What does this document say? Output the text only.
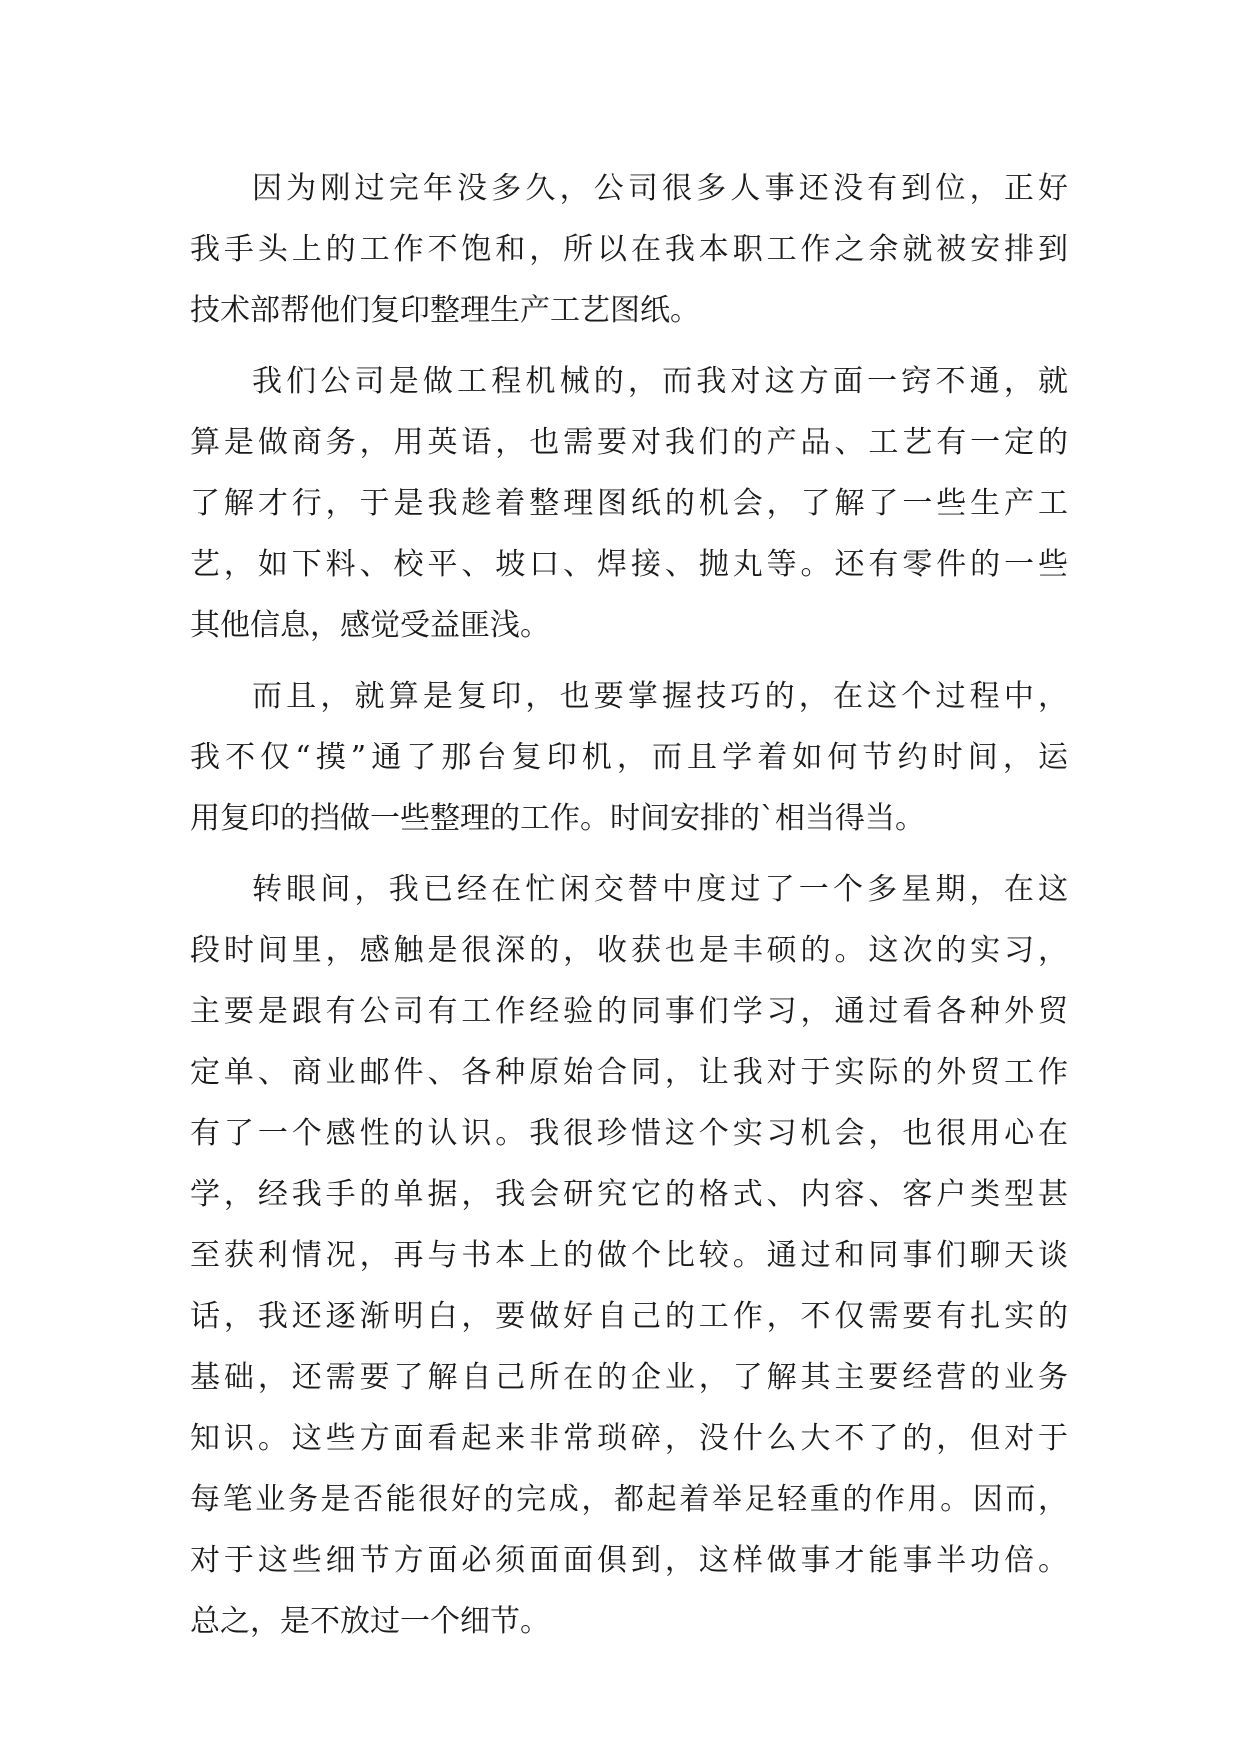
因为刚过完年没多久，公司很多人事还没有到位，正好
我手头上的工作不饱和，所以在我本职工作之余就被安排到
技术部帮他们复印整理生产工艺图纸。
我们公司是做工程机械的，而我对这方面一窍不通，就
算是做商务，用英语，也需要对我们的产品、工艺有一定的
了解才行，于是我趁着整理图纸的机会，了解了一些生产工
艺，如下料、校平、坡口、焊接、抛丸等。还有零件的一些
其他信息，感觉受益匪浅。
而且，就算是复印，也要掌握技巧的，在这个过程中，
我不仅“摸”通了那台复印机，而且学着如何节约时间，运
用复印的挡做一些整理的工作。时间安排的`相当得当。
转眼间，我已经在忙闲交替中度过了一个多星期，在这
段时间里，感触是很深的，收获也是丰硕的。这次的实习，
主要是跟有公司有工作经验的同事们学习，通过看各种外贸
定单、商业邮件、各种原始合同，让我对于实际的外贸工作
有了一个感性的认识。我很珍惜这个实习机会，也很用心在
学，经我手的单据，我会研究它的格式、内容、客户类型甚
至获利情况，再与书本上的做个比较。通过和同事们聊天谈
话，我还逐渐明白，要做好自己的工作，不仅需要有扎实的
基础，还需要了解自己所在的企业，了解其主要经营的业务
知识。这些方面看起来非常琐碎，没什么大不了的，但对于
每笔业务是否能很好的完成，都起着举足轻重的作用。因而，
对于这些细节方面必须面面俱到，这样做事才能事半功倍。
总之，是不放过一个细节。
